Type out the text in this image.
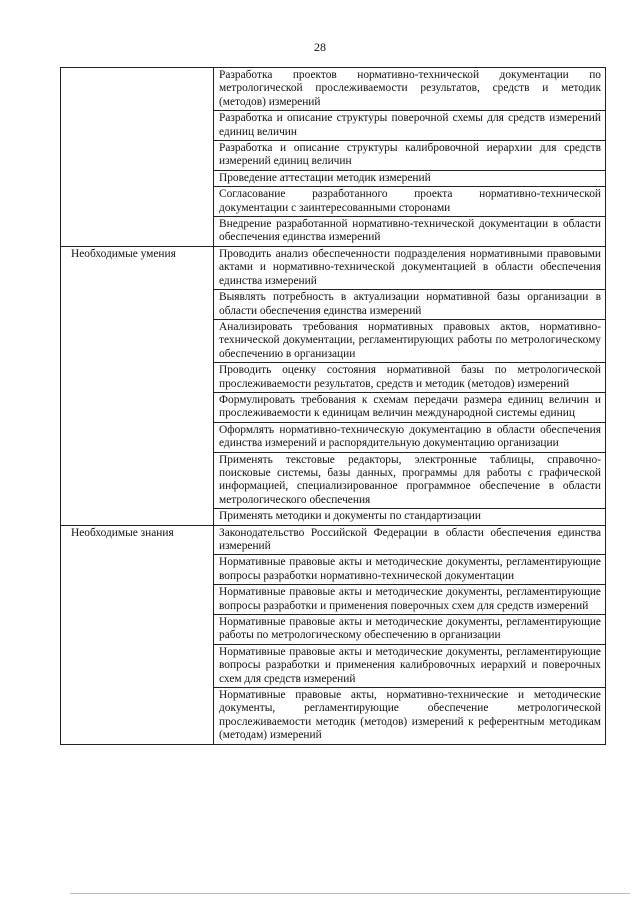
28
	Разработка проектов нормативно-технической документации по метрологической прослеживаемости результатов, средств и методик (методов) измерений
	Разработка и описание структуры поверочной схемы для средств измерений единиц величин
	Разработка и описание структуры калибровочной иерархии для средств измерений единиц величин
	Проведение аттестации методик измерений
	Согласование разработанного проекта нормативно-технической документации с заинтересованными сторонами
	Внедрение разработанной нормативно-технической документации в области обеспечения единства измерений

Необходимые умения	Проводить анализ обеспеченности подразделения нормативными правовыми актами и нормативно-технической документацией в области обеспечения единства измерений
	Выявлять потребность в актуализации нормативной базы организации в области обеспечения единства измерений
	Анализировать требования нормативных правовых актов, нормативно-технической документации, регламентирующих работы по метрологическому обеспечению в организации
	Проводить оценку состояния нормативной базы по метрологической прослеживаемости результатов, средств и методик (методов) измерений
	Формулировать требования к схемам передачи размера единиц величин и прослеживаемости к единицам величин международной системы единиц
	Оформлять нормативно-техническую документацию в области обеспечения единства измерений и распорядительную документацию организации
	Применять текстовые редакторы, электронные таблицы, справочно-поисковые системы, базы данных, программы для работы с графической информацией, специализированное программное обеспечение в области метрологического обеспечения
	Применять методики и документы по стандартизации

Необходимые знания	Законодательство Российской Федерации в области обеспечения единства измерений
	Нормативные правовые акты и методические документы, регламентирующие вопросы разработки нормативно-технической документации
	Нормативные правовые акты и методические документы, регламентирующие вопросы разработки и применения поверочных схем для средств измерений
	Нормативные правовые акты и методические документы, регламентирующие работы по метрологическому обеспечению в организации
	Нормативные правовые акты и методические документы, регламентирующие вопросы разработки и применения калибровочных иерархий и поверочных схем для средств измерений
	Нормативные правовые акты, нормативно-технические и методические документы, регламентирующие обеспечение метрологической прослеживаемости методик (методов) измерений к референтным методикам (методам) измерений
